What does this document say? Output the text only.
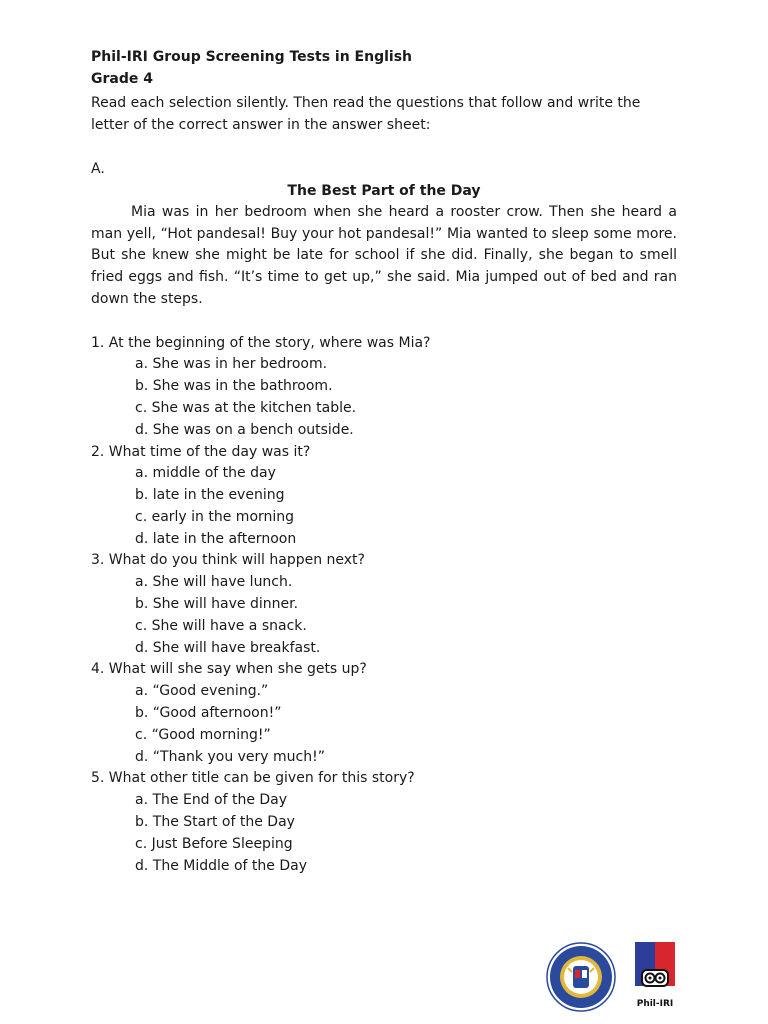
Phil-IRI Group Screening Tests in English
Grade 4
Read each selection silently. Then read the questions that follow and write the letter of the correct answer in the answer sheet:
A.
The Best Part of the Day

Mia was in her bedroom when she heard a rooster crow. Then she heard a man yell, “Hot pandesal! Buy your hot pandesal!” Mia wanted to sleep some more. But she knew she might be late for school if she did. Finally, she began to smell fried eggs and fish. “It’s time to get up,” she said. Mia jumped out of bed and ran down the steps.

1. At the beginning of the story, where was Mia?
a. She was in her bedroom.
b. She was in the bathroom.
c. She was at the kitchen table.
d. She was on a bench outside.
2. What time of the day was it?
a. middle of the day
b. late in the evening
c. early in the morning
d. late in the afternoon
3. What do you think will happen next?
a. She will have lunch.
b. She will have dinner.
c. She will have a snack.
d. She will have breakfast.
4. What will she say when she gets up?
a. “Good evening.”
b. “Good afternoon!”
c. “Good morning!”
d. “Thank you very much!”
5. What other title can be given for this story?
a. The End of the Day
b. The Start of the Day
c. Just Before Sleeping
d. The Middle of the Day
Phil-IRI
